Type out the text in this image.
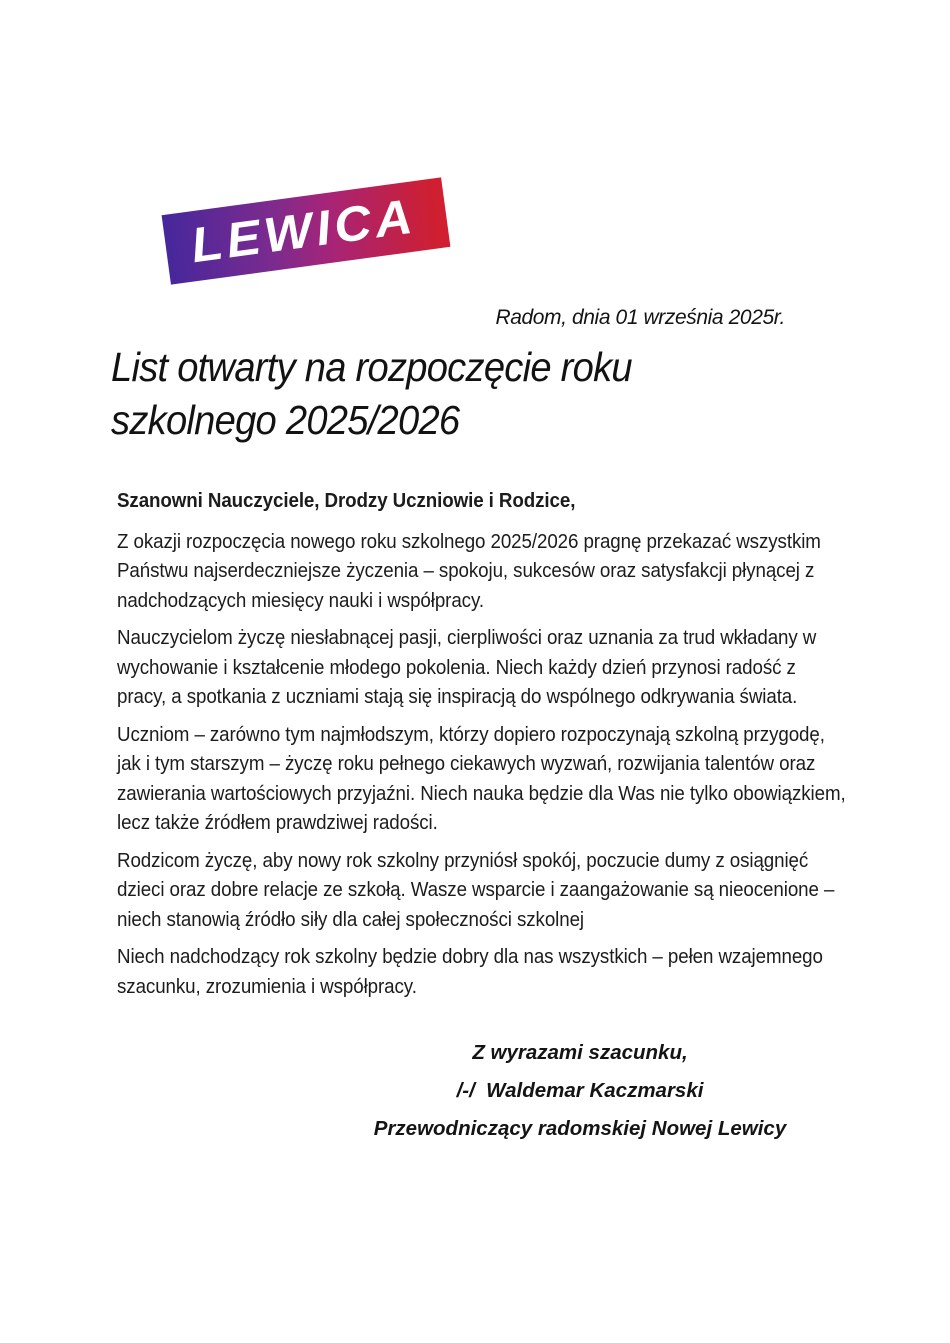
LEWICA
Radom, dnia 01 września 2025r.
List otwarty na rozpoczęcie roku
szkolnego 2025/2026

Szanowni Nauczyciele, Drodzy Uczniowie i Rodzice,

Z okazji rozpoczęcia nowego roku szkolnego 2025/2026 pragnę przekazać wszystkim Państwu najserdeczniejsze życzenia – spokoju, sukcesów oraz satysfakcji płynącej z nadchodzących miesięcy nauki i współpracy.

Nauczycielom życzę niesłabnącej pasji, cierpliwości oraz uznania za trud wkładany w wychowanie i kształcenie młodego pokolenia. Niech każdy dzień przynosi radość z pracy, a spotkania z uczniami stają się inspiracją do wspólnego odkrywania świata.

Uczniom – zarówno tym najmłodszym, którzy dopiero rozpoczynają szkolną przygodę, jak i tym starszym – życzę roku pełnego ciekawych wyzwań, rozwijania talentów oraz zawierania wartościowych przyjaźni. Niech nauka będzie dla Was nie tylko obowiązkiem, lecz także źródłem prawdziwej radości.

Rodzicom życzę, aby nowy rok szkolny przyniósł spokój, poczucie dumy z osiągnięć dzieci oraz dobre relacje ze szkołą. Wasze wsparcie i zaangażowanie są nieocenione – niech stanowią źródło siły dla całej społeczności szkolnej

Niech nadchodzący rok szkolny będzie dobry dla nas wszystkich – pełen wzajemnego szacunku, zrozumienia i współpracy.

Z wyrazami szacunku,
/-/  Waldemar Kaczmarski
Przewodniczący radomskiej Nowej Lewicy
